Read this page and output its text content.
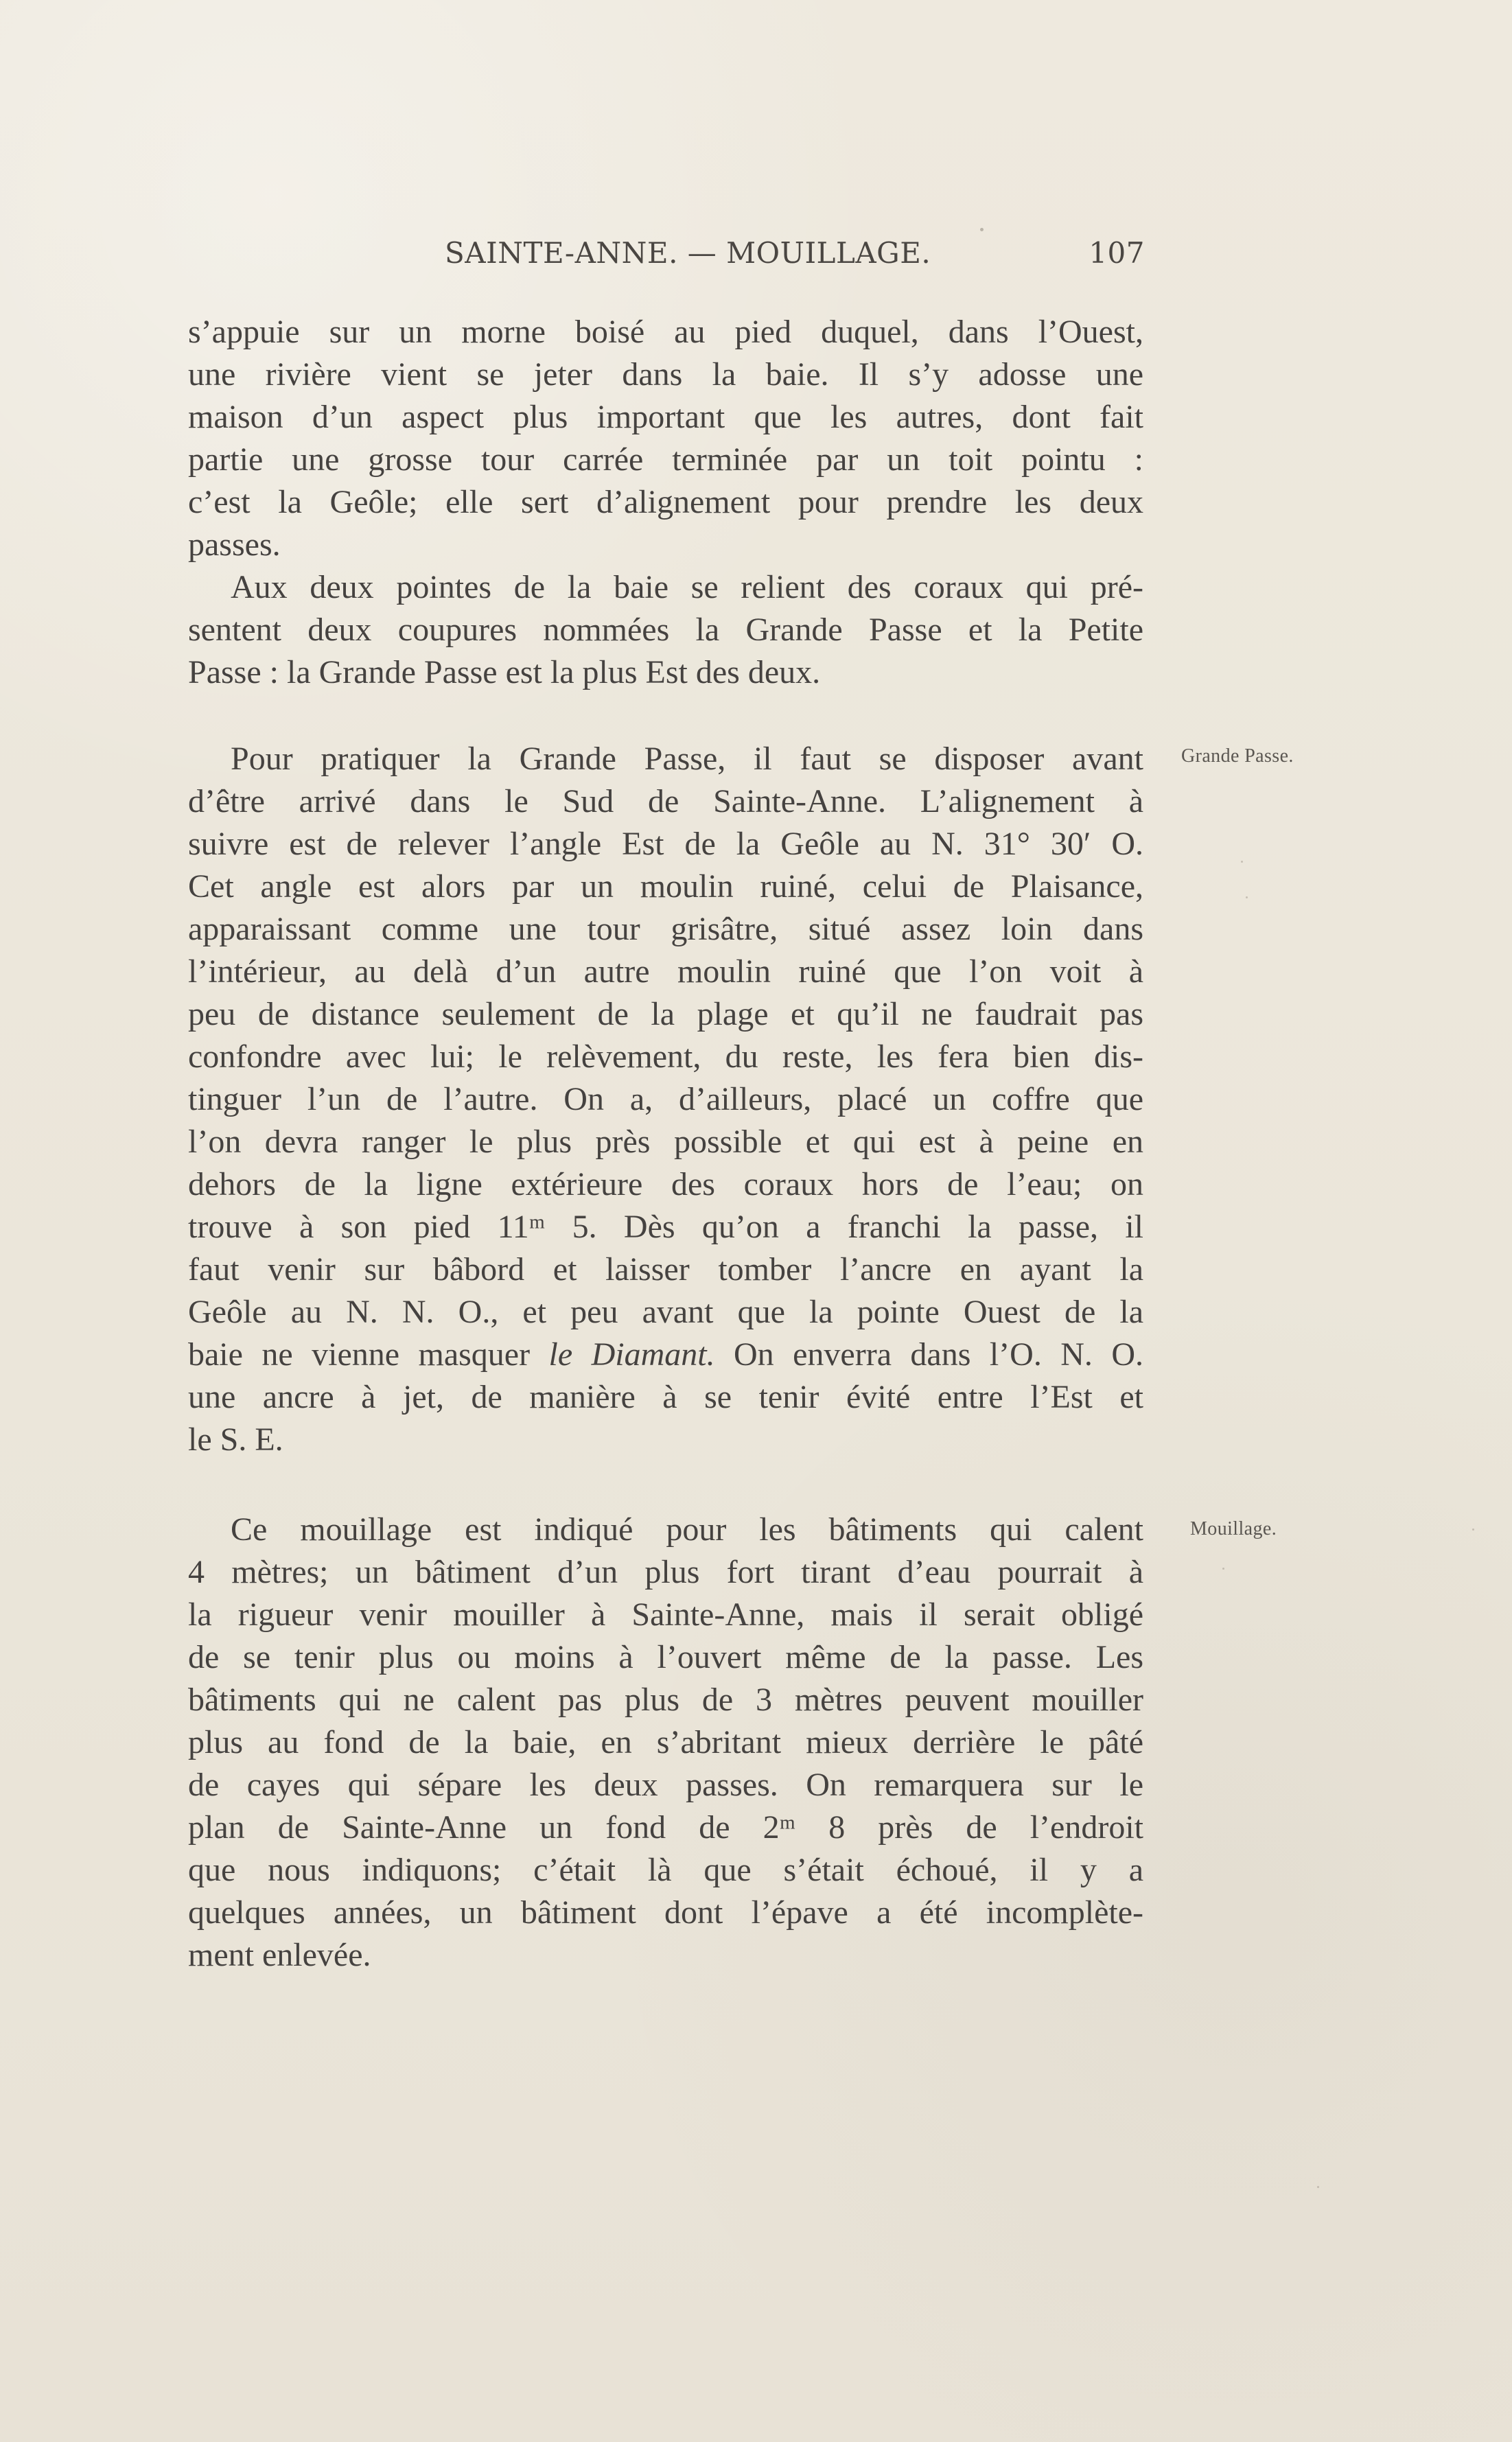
SAINTE-ANNE. — MOUILLAGE.	107
s’appuie sur un morne boisé au pied duquel, dans l’Ouest,
une rivière vient se jeter dans la baie. Il s’y adosse une
maison d’un aspect plus important que les autres, dont fait
partie une grosse tour carrée terminée par un toit pointu :
c’est la Geôle; elle sert d’alignement pour prendre les deux
passes.
Aux deux pointes de la baie se relient des coraux qui pré-
sentent deux coupures nommées la Grande Passe et la Petite
Passe : la Grande Passe est la plus Est des deux.
Grande Passe.
Pour pratiquer la Grande Passe, il faut se disposer avant
d’être arrivé dans le Sud de Sainte-Anne. L’alignement à
suivre est de relever l’angle Est de la Geôle au N. 31° 30′ O.
Cet angle est alors par un moulin ruiné, celui de Plaisance,
apparaissant comme une tour grisâtre, situé assez loin dans
l’intérieur, au delà d’un autre moulin ruiné que l’on voit à
peu de distance seulement de la plage et qu’il ne faudrait pas
confondre avec lui; le relèvement, du reste, les fera bien dis-
tinguer l’un de l’autre. On a, d’ailleurs, placé un coffre que
l’on devra ranger le plus près possible et qui est à peine en
dehors de la ligne extérieure des coraux hors de l’eau; on
trouve à son pied 11ᵐ 5. Dès qu’on a franchi la passe, il
faut venir sur bâbord et laisser tomber l’ancre en ayant la
Geôle au N. N. O., et peu avant que la pointe Ouest de la
baie ne vienne masquer le Diamant. On enverra dans l’O. N. O.
une ancre à jet, de manière à se tenir évité entre l’Est et
le S. E.
Mouillage.
Ce mouillage est indiqué pour les bâtiments qui calent
4 mètres; un bâtiment d’un plus fort tirant d’eau pourrait à
la rigueur venir mouiller à Sainte-Anne, mais il serait obligé
de se tenir plus ou moins à l’ouvert même de la passe. Les
bâtiments qui ne calent pas plus de 3 mètres peuvent mouiller
plus au fond de la baie, en s’abritant mieux derrière le pâté
de cayes qui sépare les deux passes. On remarquera sur le
plan de Sainte-Anne un fond de 2ᵐ 8 près de l’endroit
que nous indiquons; c’était là que s’était échoué, il y a
quelques années, un bâtiment dont l’épave a été incomplète-
ment enlevée.
